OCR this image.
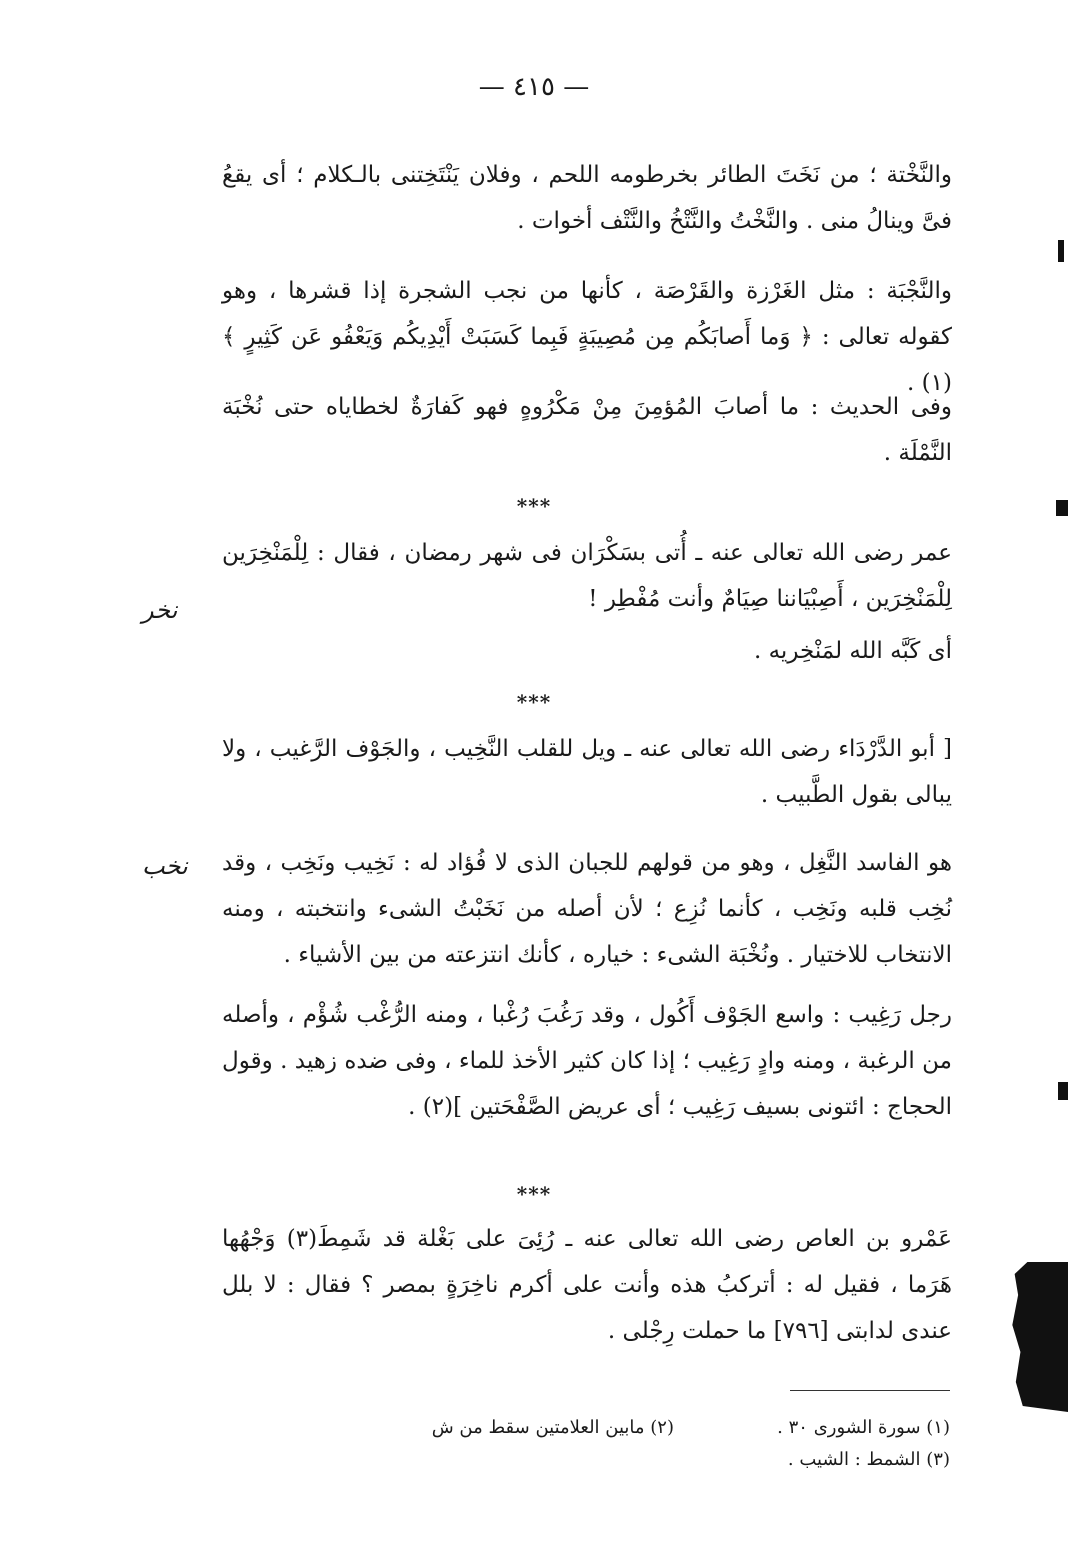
— ٤١٥ —
والنَّخْتة ؛ من نَخَتَ الطائر بخرطومه اللحم ، وفلان يَنْتَخِتنى بالـكلام ؛ أى يقعُ فىَّ وينالُ منى . والنَّخْتُ والنَّتْخُ والنَّتْف أخوات .
والنَّجْبَة : مثل الغَرْزة والقَرْصَة ، كأنها من نجب الشجرة إذا قشرها ، وهو كقوله تعالى : ﴿ وَما أَصابَكُم مِن مُصِيبَةٍ فَبِما كَسَبَتْ أَيْدِيكُم وَيَعْفُو عَن كَثِيرٍ ﴾(١) .
وفى الحديث : ما أصابَ المُؤمِنَ مِنْ مَكْرُوهٍ فهو كَفارَةٌ لخطاياه حتى نُخْبَة النَّمْلَة .
***
عمر رضى الله تعالى عنه ـ أُتى بسَكْرَان فى شهر رمضان ، فقال : لِلْمَنْخِرَين لِلْمَنْخِرَين ، أَصِبْيَاننا صِيَامٌ وأنت مُفْطِر !
أى كَبَّه الله لمَنْخِريه .
***
[ أبو الدَّرْدَاء رضى الله تعالى عنه ـ ويل للقلب النَّخِيب ، والجَوْف الرَّغيب ، ولا يبالى بقول الطَّبيب .
هو الفاسد النَّغِل ، وهو من قولهم للجبان الذى لا فُؤاد له : نَخِيب ونَخِب ، وقد نُخِب قلبه ونَخِب ، كأنما نُزِع ؛ لأن أصله من نَخَبْتُ الشىء وانتخبته ، ومنه الانتخاب للاختيار . ونُخْبَة الشىء : خياره ، كأنك انتزعته من بين الأشياء .
رجل رَغِيب : واسع الجَوْف أَكُول ، وقد رَغُبَ رُغْبا ، ومنه الرُّغْب شُؤْم ، وأصله من الرغبة ، ومنه وادٍ رَغِيب ؛ إذا كان كثير الأخذ للماء ، وفى ضده زهيد . وقول الحجاج : ائتونى بسيف رَغِيب ؛ أى عريض الصَّفْحَتين ](٢) .
***
عَمْرو بن العاص رضى الله تعالى عنه ـ رُئِىَ على بَغْلة قد شَمِطَ(٣) وَجْهُها هَرَما ، فقيل له : أتركبُ هذه وأنت على أكرم ناخِرَةٍ بمصر ؟ فقال : لا بلل عندى لدابتى [٧٩٦] ما حملت رِجْلى .
نخر
نخب
(١) سورة الشورى ٣٠ .
(٢) مابين العلامتين سقط من ش
(٣) الشمط : الشيب .
